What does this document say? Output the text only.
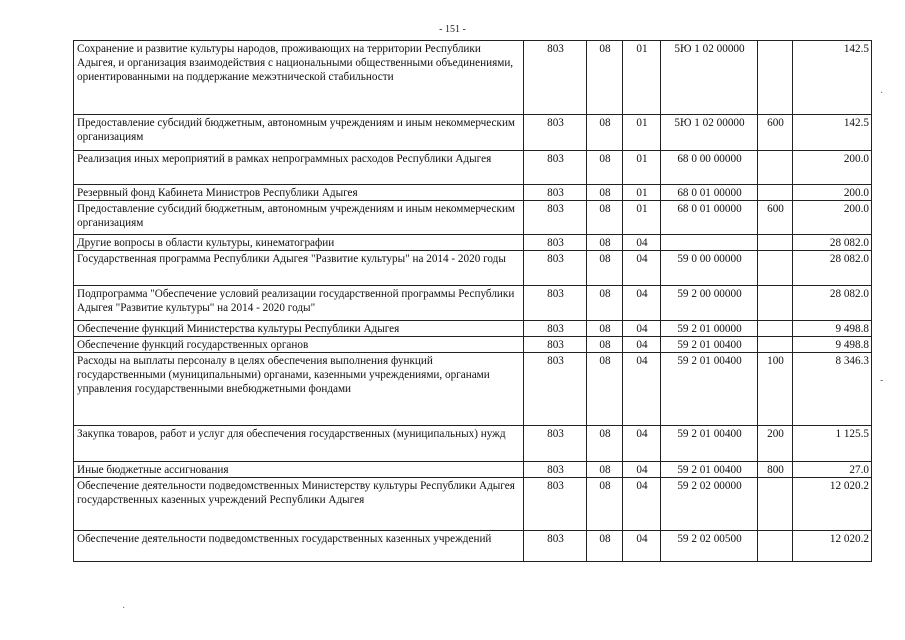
- 151 -
Сохранение и развитие культуры народов, проживающих на территории Республики Адыгея, и организация взаимодействия с национальными общественными объединениями, ориентированными на поддержание межэтнической стабильности	803	08	01	5Ю 1 02 00000		142.5
Предоставление субсидий бюджетным, автономным учреждениям и иным некоммерческим организациям	803	08	01	5Ю 1 02 00000	600	142.5
Реализация иных мероприятий в рамках непрограммных расходов Республики Адыгея	803	08	01	68 0 00 00000		200.0
Резервный фонд Кабинета Министров Республики Адыгея	803	08	01	68 0 01 00000		200.0
Предоставление субсидий бюджетным, автономным учреждениям и иным некоммерческим организациям	803	08	01	68 0 01 00000	600	200.0
Другие вопросы в области культуры, кинематографии	803	08	04			28 082.0
Государственная программа Республики Адыгея "Развитие культуры" на 2014 - 2020 годы	803	08	04	59 0 00 00000		28 082.0
Подпрограмма "Обеспечение условий реализации государственной программы Республики Адыгея "Развитие культуры" на 2014 - 2020 годы"	803	08	04	59 2 00 00000		28 082.0
Обеспечение функций Министерства культуры Республики Адыгея	803	08	04	59 2 01 00000		9 498.8
Обеспечение функций государственных органов	803	08	04	59 2 01 00400		9 498.8
Расходы на выплаты персоналу в целях обеспечения выполнения функций государственными (муниципальными) органами, казенными учреждениями, органами управления государственными внебюджетными фондами	803	08	04	59 2 01 00400	100	8 346.3
Закупка товаров, работ и услуг для обеспечения государственных (муниципальных) нужд	803	08	04	59 2 01 00400	200	1 125.5
Иные бюджетные ассигнования	803	08	04	59 2 01 00400	800	27.0
Обеспечение деятельности подведомственных Министерству культуры Республики Адыгея государственных казенных учреждений Республики Адыгея	803	08	04	59 2 02 00000		12 020.2
Обеспечение деятельности подведомственных государственных казенных учреждений	803	08	04	59 2 02 00500		12 020.2
·
-
·
